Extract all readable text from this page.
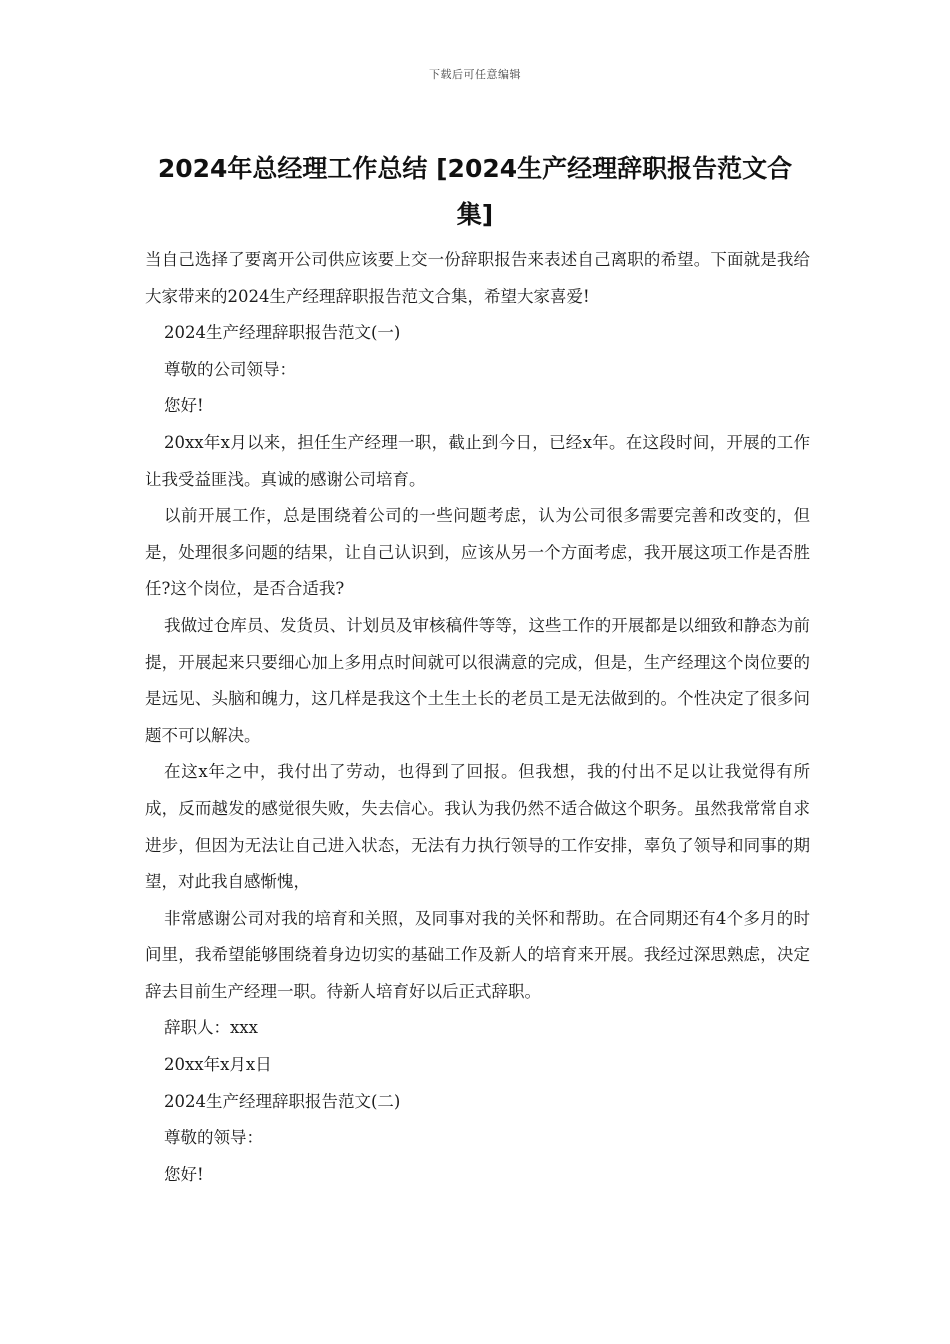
下载后可任意编辑
2024年总经理工作总结 [2024生产经理辞职报告范文合集]

当自己选择了要离开公司供应该要上交一份辞职报告来表述自己离职的希望。下面就是我给大家带来的2024生产经理辞职报告范文合集，希望大家喜爱!

2024生产经理辞职报告范文(一)

尊敬的公司领导：

您好!

20xx年x月以来，担任生产经理一职，截止到今日，已经x年。在这段时间，开展的工作让我受益匪浅。真诚的感谢公司培育。

以前开展工作，总是围绕着公司的一些问题考虑，认为公司很多需要完善和改变的，但是，处理很多问题的结果，让自己认识到，应该从另一个方面考虑，我开展这项工作是否胜任?这个岗位，是否合适我?

我做过仓库员、发货员、计划员及审核稿件等等，这些工作的开展都是以细致和静态为前提，开展起来只要细心加上多用点时间就可以很满意的完成，但是，生产经理这个岗位要的是远见、头脑和魄力，这几样是我这个土生土长的老员工是无法做到的。个性决定了很多问题不可以解决。

在这x年之中，我付出了劳动，也得到了回报。但我想，我的付出不足以让我觉得有所成，反而越发的感觉很失败，失去信心。我认为我仍然不适合做这个职务。虽然我常常自求进步，但因为无法让自己进入状态，无法有力执行领导的工作安排，辜负了领导和同事的期望，对此我自感惭愧，

非常感谢公司对我的培育和关照，及同事对我的关怀和帮助。在合同期还有4个多月的时间里，我希望能够围绕着身边切实的基础工作及新人的培育来开展。我经过深思熟虑，决定辞去目前生产经理一职。待新人培育好以后正式辞职。

辞职人：xxx

20xx年x月x日

2024生产经理辞职报告范文(二)

尊敬的领导：

您好!
